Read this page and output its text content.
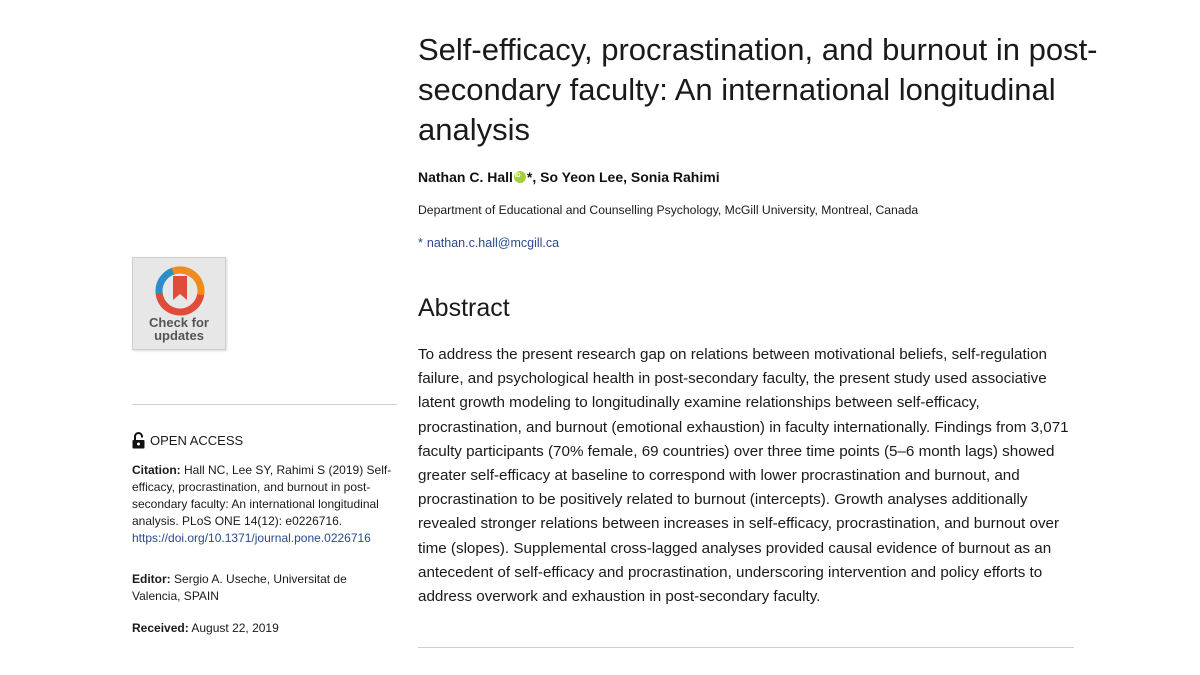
Self-efficacy, procrastination, and burnout in post-secondary faculty: An international longitudinal analysis
Nathan C. HalliD *, So Yeon Lee, Sonia Rahimi
Department of Educational and Counselling Psychology, McGill University, Montreal, Canada
* nathan.c.hall@mcgill.ca
Abstract

To address the present research gap on relations between motivational beliefs, self-regulation failure, and psychological health in post-secondary faculty, the present study used associative latent growth modeling to longitudinally examine relationships between self-efficacy, procrastination, and burnout (emotional exhaustion) in faculty internationally. Findings from 3,071 faculty participants (70% female, 69 countries) over three time points (5–6 month lags) showed greater self-efficacy at baseline to correspond with lower procrastination and burnout, and procrastination to be positively related to burnout (intercepts). Growth analyses additionally revealed stronger relations between increases in self-efficacy, procrastination, and burnout over time (slopes). Supplemental cross-lagged analyses provided causal evidence of burnout as an antecedent of self-efficacy and procrastination, underscoring intervention and policy efforts to address overwork and exhaustion in post-secondary faculty.

Check for
updates
OPEN ACCESS
Citation: Hall NC, Lee SY, Rahimi S (2019) Self-efficacy, procrastination, and burnout in post-secondary faculty: An international longitudinal analysis. PLoS ONE 14(12): e0226716. https://doi.org/10.1371/journal.pone.0226716
Editor: Sergio A. Useche, Universitat de Valencia, SPAIN
Received: August 22, 2019
